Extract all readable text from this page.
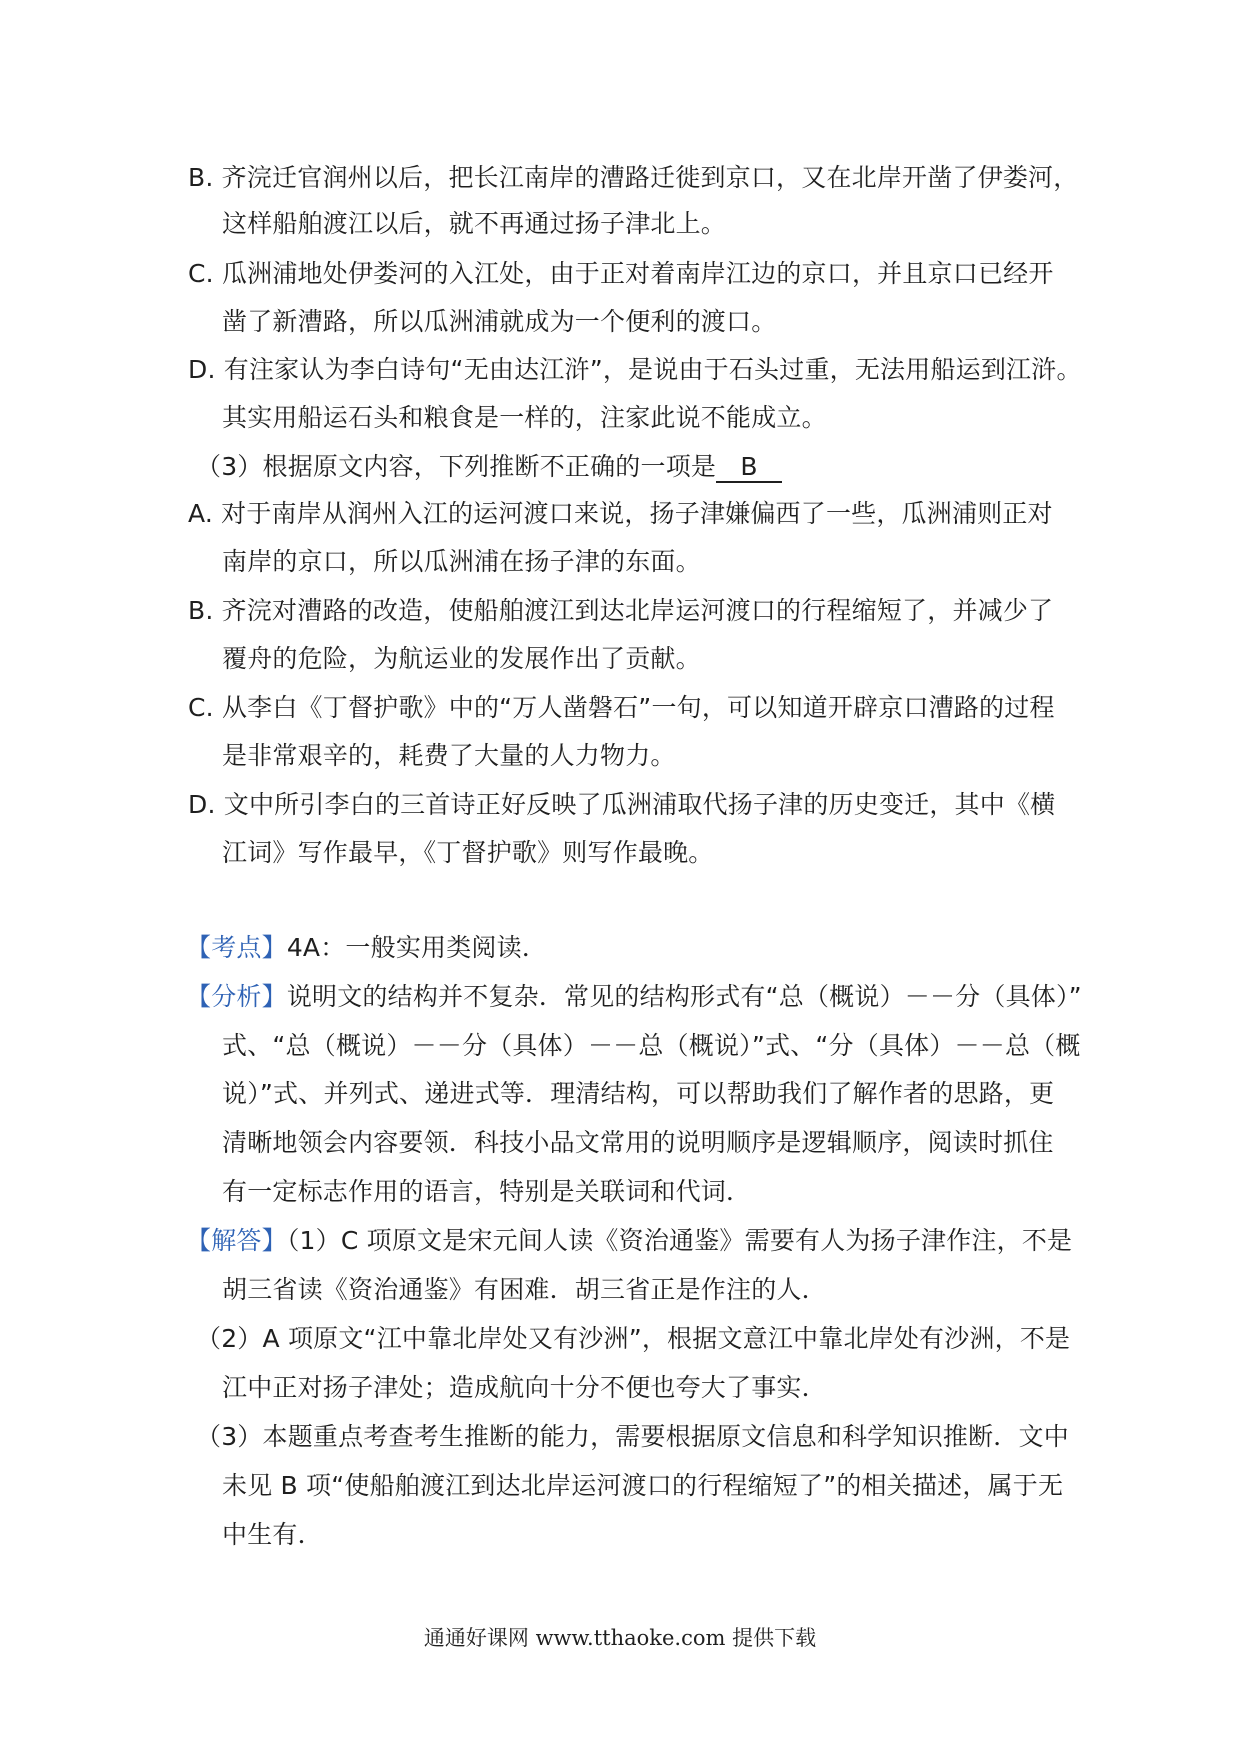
B. 齐浣迁官润州以后，把长江南岸的漕路迁徙到京口，又在北岸开凿了伊娄河，
这样船舶渡江以后，就不再通过扬子津北上。
C. 瓜洲浦地处伊娄河的入江处，由于正对着南岸江边的京口，并且京口已经开
凿了新漕路，所以瓜洲浦就成为一个便利的渡口。
D. 有注家认为李白诗句“无由达江浒”，是说由于石头过重，无法用船运到江浒。
其实用船运石头和粮食是一样的，注家此说不能成立。
（3）根据原文内容，下列推断不正确的一项是 B
A. 对于南岸从润州入江的运河渡口来说，扬子津嫌偏西了一些，瓜洲浦则正对
南岸的京口，所以瓜洲浦在扬子津的东面。
B. 齐浣对漕路的改造，使船舶渡江到达北岸运河渡口的行程缩短了，并减少了
覆舟的危险，为航运业的发展作出了贡献。
C. 从李白《丁督护歌》中的“万人凿磐石”一句，可以知道开辟京口漕路的过程
是非常艰辛的，耗费了大量的人力物力。
D. 文中所引李白的三首诗正好反映了瓜洲浦取代扬子津的历史变迁，其中《横
江词》写作最早，《丁督护歌》则写作最晚。
【考点】4A：一般实用类阅读．
【分析】说明文的结构并不复杂．常见的结构形式有“总（概说）－－分（具体）”
式、“总（概说）－－分（具体）－－总（概说）”式、“分（具体）－－总（概
说）”式、并列式、递进式等．理清结构，可以帮助我们了解作者的思路，更
清晰地领会内容要领．科技小品文常用的说明顺序是逻辑顺序，阅读时抓住
有一定标志作用的语言，特别是关联词和代词．
【解答】（1）C 项原文是宋元间人读《资治通鉴》需要有人为扬子津作注，不是
胡三省读《资治通鉴》有困难．胡三省正是作注的人．
（2）A 项原文“江中靠北岸处又有沙洲”，根据文意江中靠北岸处有沙洲，不是
江中正对扬子津处；造成航向十分不便也夸大了事实．
（3）本题重点考查考生推断的能力，需要根据原文信息和科学知识推断．文中
未见 B 项“使船舶渡江到达北岸运河渡口的行程缩短了”的相关描述，属于无
中生有．
通通好课网 www.tthaoke.com 提供下载
